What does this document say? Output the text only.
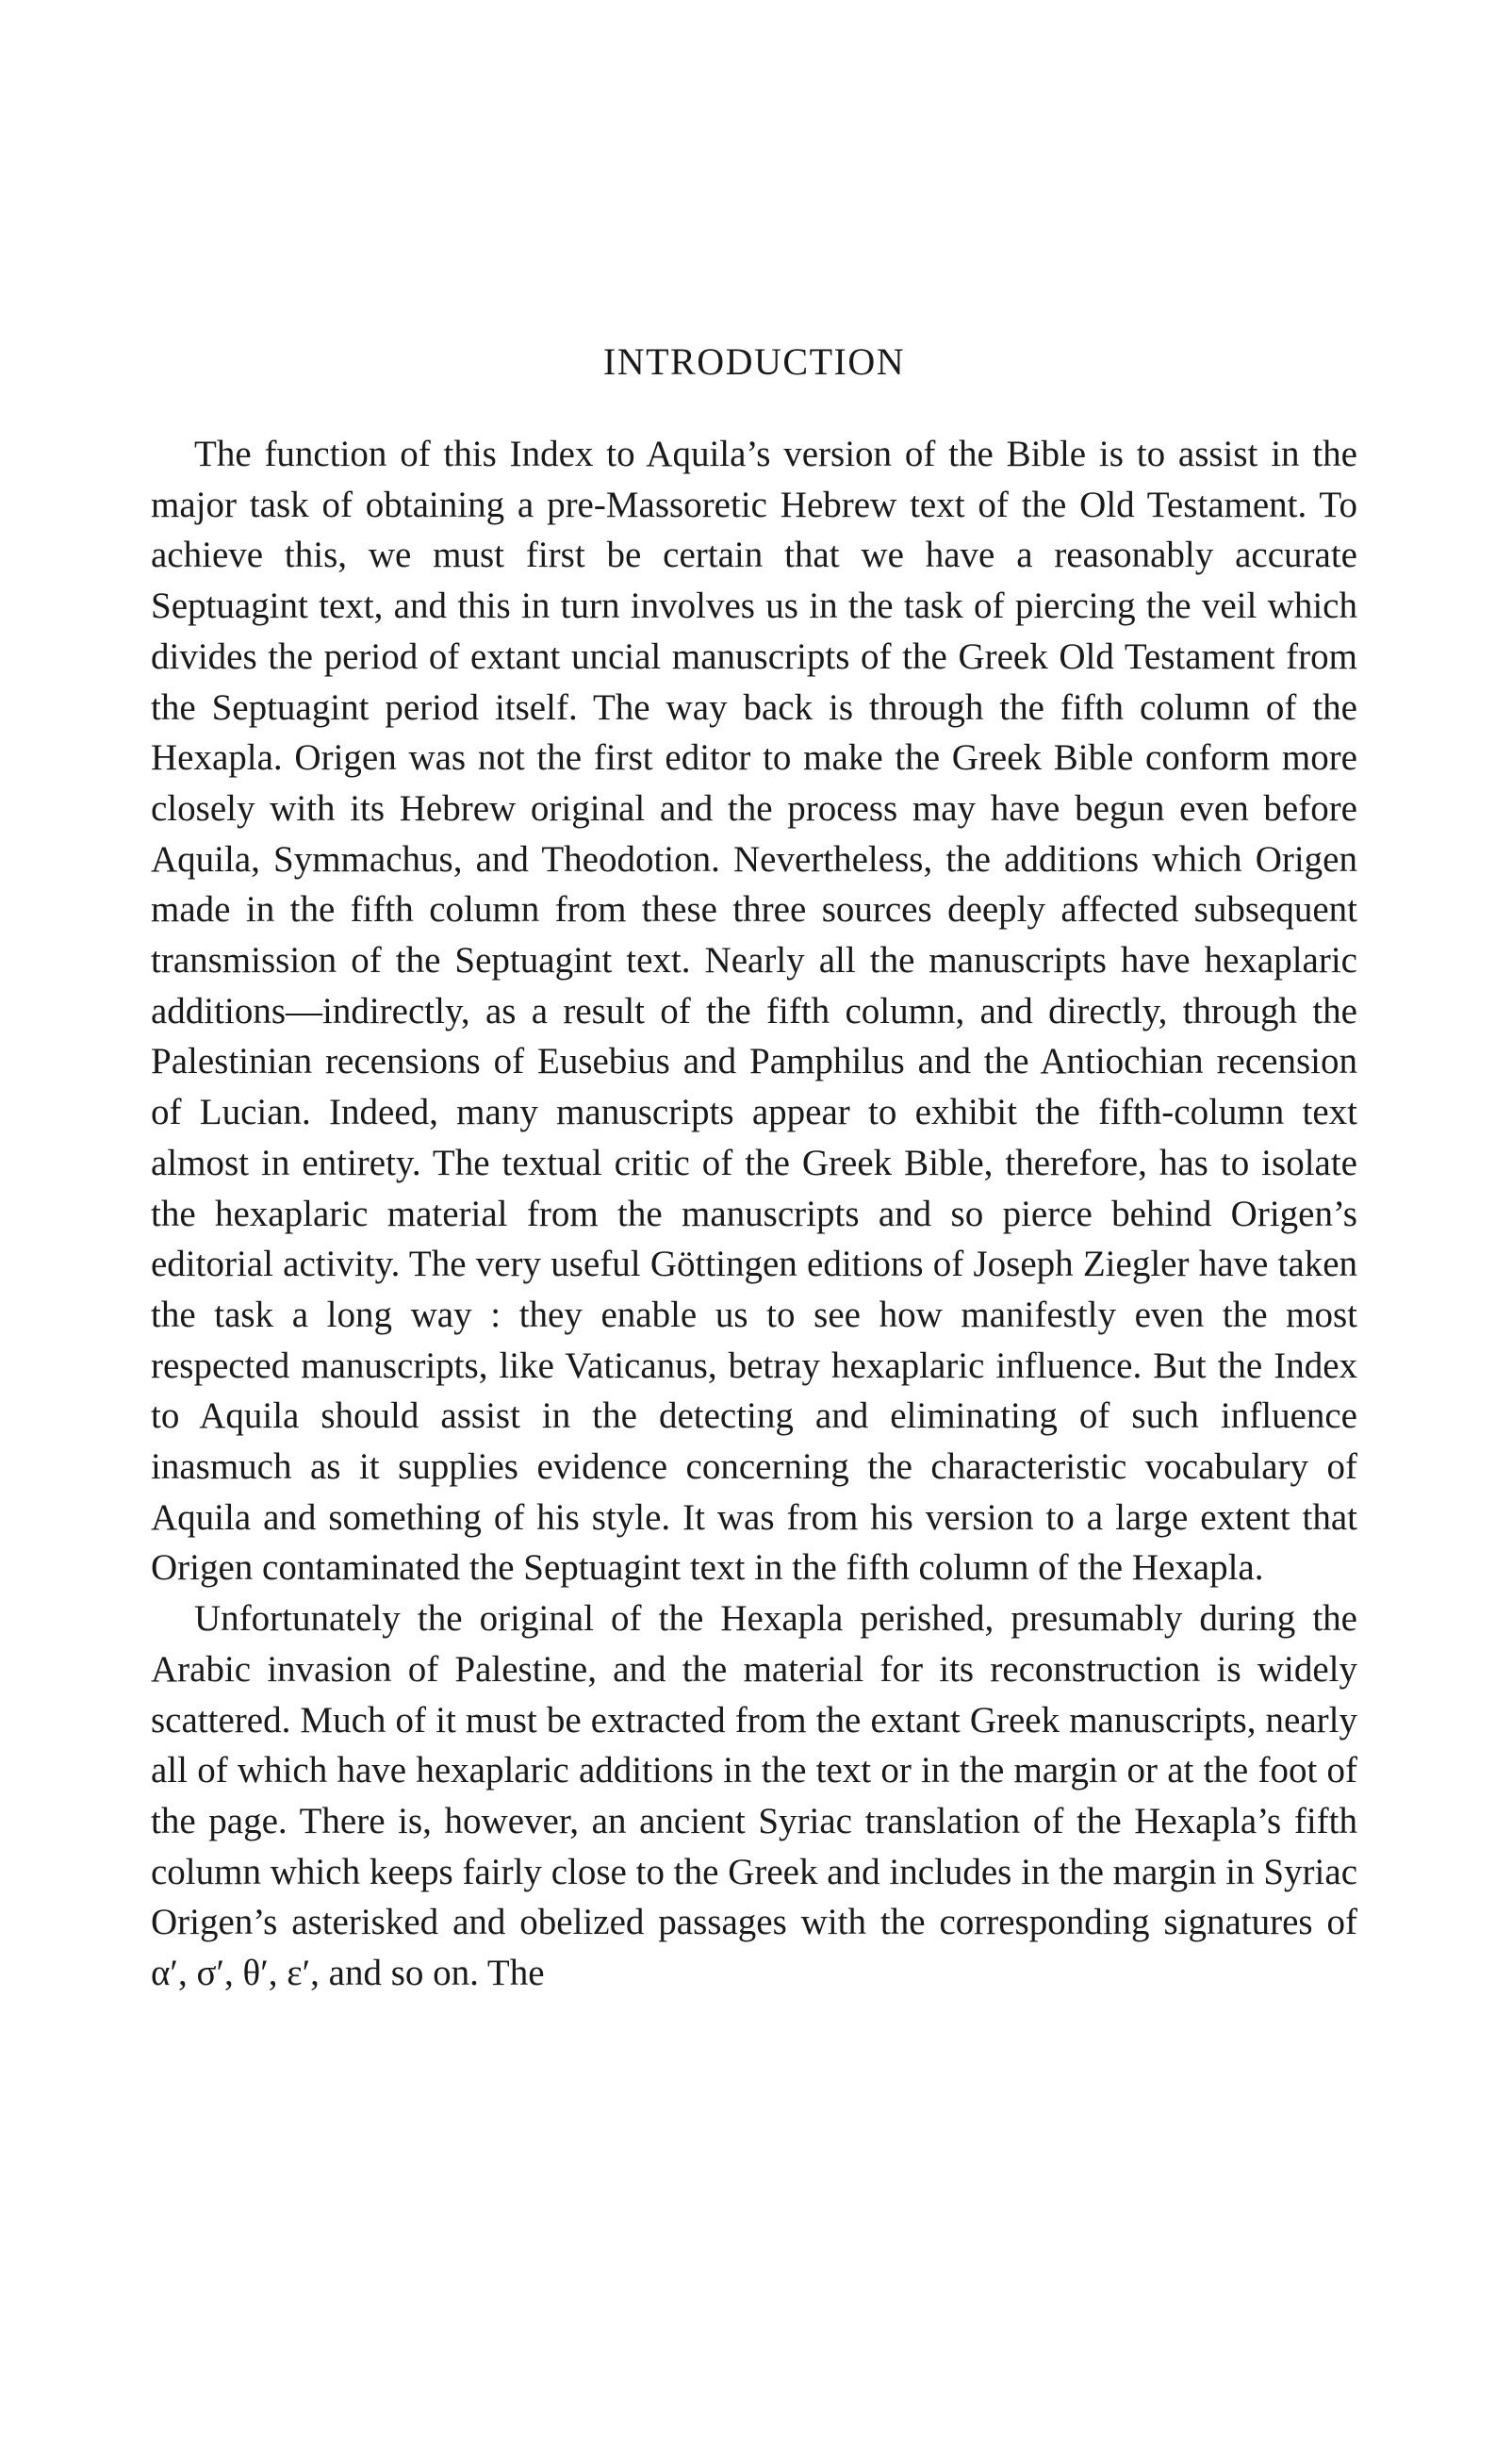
INTRODUCTION

The function of this Index to Aquila’s version of the Bible is to assist in the major task of obtaining a pre-Massoretic Hebrew text of the Old Testament. To achieve this, we must first be certain that we have a reasonably accurate Septuagint text, and this in turn involves us in the task of piercing the veil which divides the period of extant uncial manuscripts of the Greek Old Testament from the Septuagint period itself. The way back is through the fifth column of the Hexapla. Origen was not the first editor to make the Greek Bible conform more closely with its Hebrew original and the process may have begun even before Aquila, Symmachus, and Theodotion. Nevertheless, the additions which Origen made in the fifth column from these three sources deeply affected subsequent transmission of the Septuagint text. Nearly all the manuscripts have hexaplaric additions—indirectly, as a result of the fifth column, and directly, through the Palestinian recensions of Eusebius and Pamphilus and the Antiochian recension of Lucian. Indeed, many manuscripts appear to exhibit the fifth-column text almost in entirety. The textual critic of the Greek Bible, therefore, has to isolate the hexaplaric material from the manuscripts and so pierce behind Origen’s editorial activity. The very useful Göttingen editions of Joseph Ziegler have taken the task a long way : they enable us to see how manifestly even the most respected manuscripts, like Vaticanus, betray hexaplaric influence. But the Index to Aquila should assist in the detecting and eliminating of such influence inasmuch as it supplies evidence concerning the characteristic vocabulary of Aquila and something of his style. It was from his version to a large extent that Origen contaminated the Septuagint text in the fifth column of the Hexapla.

Unfortunately the original of the Hexapla perished, presumably during the Arabic invasion of Palestine, and the material for its reconstruction is widely scattered. Much of it must be extracted from the extant Greek manuscripts, nearly all of which have hexaplaric additions in the text or in the margin or at the foot of the page. There is, however, an ancient Syriac translation of the Hexapla’s fifth column which keeps fairly close to the Greek and includes in the margin in Syriac Origen’s asterisked and obelized passages with the corresponding signatures of α′, σ′, θ′, ε′, and so on. The
